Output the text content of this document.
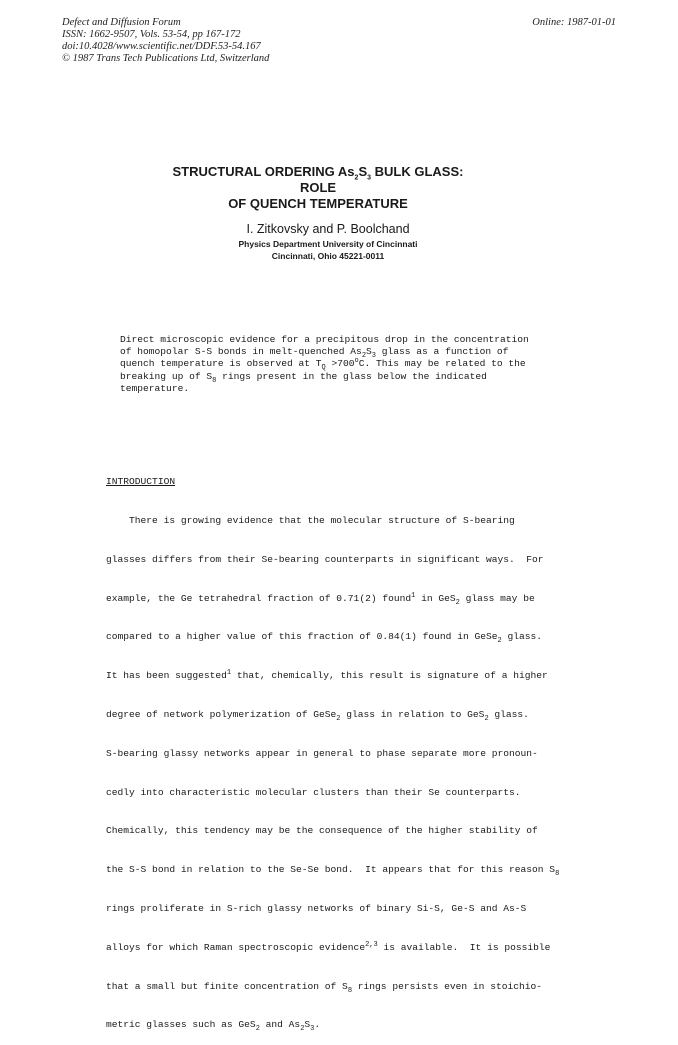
Defect and Diffusion Forum
ISSN: 1662-9507, Vols. 53-54, pp 167-172
doi:10.4028/www.scientific.net/DDF.53-54.167
© 1987 Trans Tech Publications Ltd, Switzerland
Online: 1987-01-01
STRUCTURAL ORDERING $As_2S_3$ BULK GLASS:
ROLE
OF QUENCH TEMPERATURE
I. Zitkovsky and P. Boolchand
Physics Department University of Cincinnati
Cincinnati, Ohio 45221-0011
Direct microscopic evidence for a precipitous drop in the concentration
of homopolar S-S bonds in melt-quenched $As_2S_3$ glass as a function of
quench temperature is observed at $T_Q >700^oC$. This may be related to the
breaking up of $S_8$ rings present in the glass below the indicated
temperature.
INTRODUCTION

There is growing evidence that the molecular structure of S-bearing

glasses differs from their Se-bearing counterparts in significant ways.  For

example, the Ge tetrahedral fraction of 0.71(2) found$^1$ in GeS$_2$ glass may be

compared to a higher value of this fraction of 0.84(1) found in GeSe$_2$ glass.

It has been suggested$^1$ that, chemically, this result is signature of a higher

degree of network polymerization of GeSe$_2$ glass in relation to GeS$_2$ glass.

S-bearing glassy networks appear in general to phase separate more pronoun-

cedly into characteristic molecular clusters than their Se counterparts.

Chemically, this tendency may be the consequence of the higher stability of

the S-S bond in relation to the Se-Se bond.  It appears that for this reason $S_8$

rings proliferate in S-rich glassy networks of binary Si-S, Ge-S and As-S

alloys for which Raman spectroscopic evidence$^{2,3}$ is available.  It is possible

that a small but finite concentration of $S_8$ rings persists even in stoichio-

metric glasses such as GeS$_2$ and $As_2S_3$.
